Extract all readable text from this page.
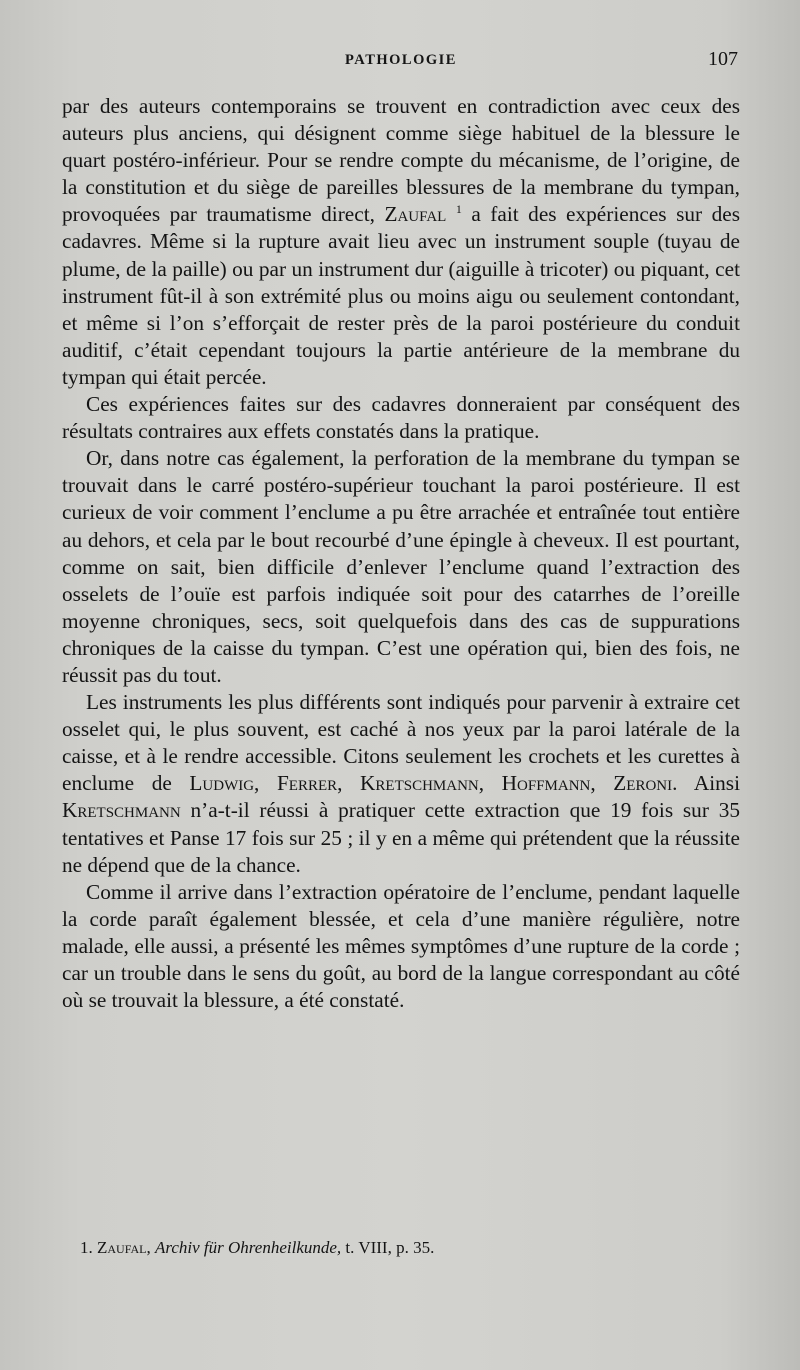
PATHOLOGIE	107

par des auteurs contemporains se trouvent en contradiction avec ceux des auteurs plus anciens, qui désignent comme siège habituel de la blessure le quart postéro-inférieur. Pour se rendre compte du mécanisme, de l’origine, de la constitution et du siège de pareilles blessures de la membrane du tympan, provoquées par traumatisme direct, Zaufal $^1$ a fait des expériences sur des cadavres. Même si la rupture avait lieu avec un instrument souple (tuyau de plume, de la paille) ou par un instrument dur (aiguille à tricoter) ou piquant, cet instrument fût-il à son extrémité plus ou moins aigu ou seulement contondant, et même si l’on s’efforçait de rester près de la paroi postérieure du conduit auditif, c’était cependant toujours la partie antérieure de la membrane du tympan qui était percée.

Ces expériences faites sur des cadavres donneraient par conséquent des résultats contraires aux effets constatés dans la pratique.

Or, dans notre cas également, la perforation de la membrane du tympan se trouvait dans le carré postéro-supérieur touchant la paroi postérieure. Il est curieux de voir comment l’enclume a pu être arrachée et entraînée tout entière au dehors, et cela par le bout recourbé d’une épingle à cheveux. Il est pourtant, comme on sait, bien difficile d’enlever l’enclume quand l’extraction des osselets de l’ouïe est parfois indiquée soit pour des catarrhes de l’oreille moyenne chroniques, secs, soit quelquefois dans des cas de suppurations chroniques de la caisse du tympan. C’est une opération qui, bien des fois, ne réussit pas du tout.

Les instruments les plus différents sont indiqués pour parvenir à extraire cet osselet qui, le plus souvent, est caché à nos yeux par la paroi latérale de la caisse, et à le rendre accessible. Citons seulement les crochets et les curettes à enclume de Ludwig, Ferrer, Kretschmann, Hoffmann, Zeroni. Ainsi Kretschmann n’a-t-il réussi à pratiquer cette extraction que 19 fois sur 35 tentatives et Panse 17 fois sur 25 ; il y en a même qui prétendent que la réussite ne dépend que de la chance.

Comme il arrive dans l’extraction opératoire de l’enclume, pendant laquelle la corde paraît également blessée, et cela d’une manière régulière, notre malade, elle aussi, a présenté les mêmes symptômes d’une rupture de la corde ; car un trouble dans le sens du goût, au bord de la langue correspondant au côté où se trouvait la blessure, a été constaté.

1. Zaufal, Archiv für Ohrenheilkunde, t. VIII, p. 35.
